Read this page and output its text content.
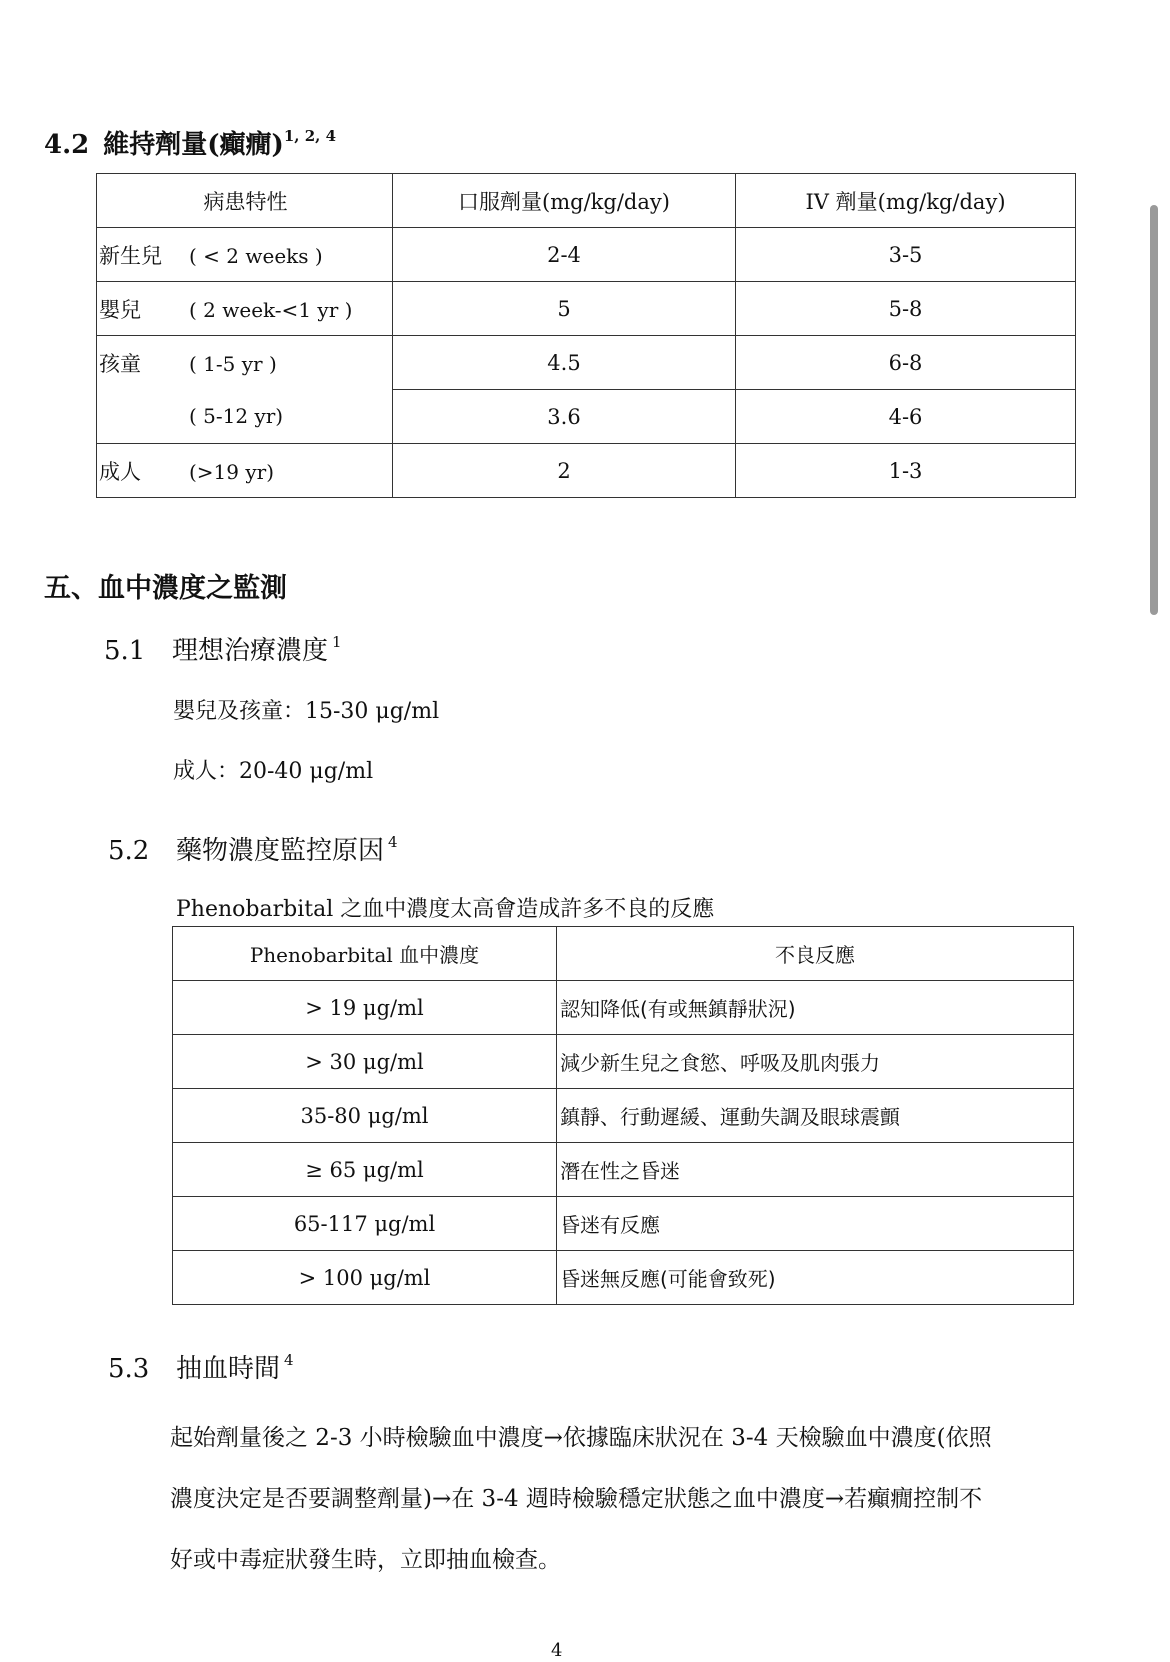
4.2 維持劑量(癲癇)$^{1, 2, 4}$
病患特性	口服劑量(mg/kg/day)	IV 劑量(mg/kg/day)
新生兒 ( < 2 weeks )	2-4	3-5
嬰兒 ( 2 week-<1 yr )	5	5-8
孩童 ( 1-5 yr )	4.5	6-8
( 5-12 yr)	3.6	4-6
成人 (>19 yr)	2	1-3
五、血中濃度之監測
5.1 理想治療濃度 $^1$
嬰兒及孩童：15-30 μg/ml
成人：20-40 μg/ml
5.2 藥物濃度監控原因 $^4$
Phenobarbital 之血中濃度太高會造成許多不良的反應
Phenobarbital 血中濃度	不良反應
> 19 μg/ml	認知降低(有或無鎮靜狀況)
> 30 μg/ml	減少新生兒之食慾、呼吸及肌肉張力
35-80 μg/ml	鎮靜、行動遲緩、運動失調及眼球震顫
≥ 65 μg/ml	潛在性之昏迷
65-117 μg/ml	昏迷有反應
> 100 μg/ml	昏迷無反應(可能會致死)
5.3 抽血時間 $^4$
起始劑量後之 2-3 小時檢驗血中濃度→依據臨床狀況在 3-4 天檢驗血中濃度(依照
濃度決定是否要調整劑量)→在 3-4 週時檢驗穩定狀態之血中濃度→若癲癇控制不
好或中毒症狀發生時，立即抽血檢查。
4
